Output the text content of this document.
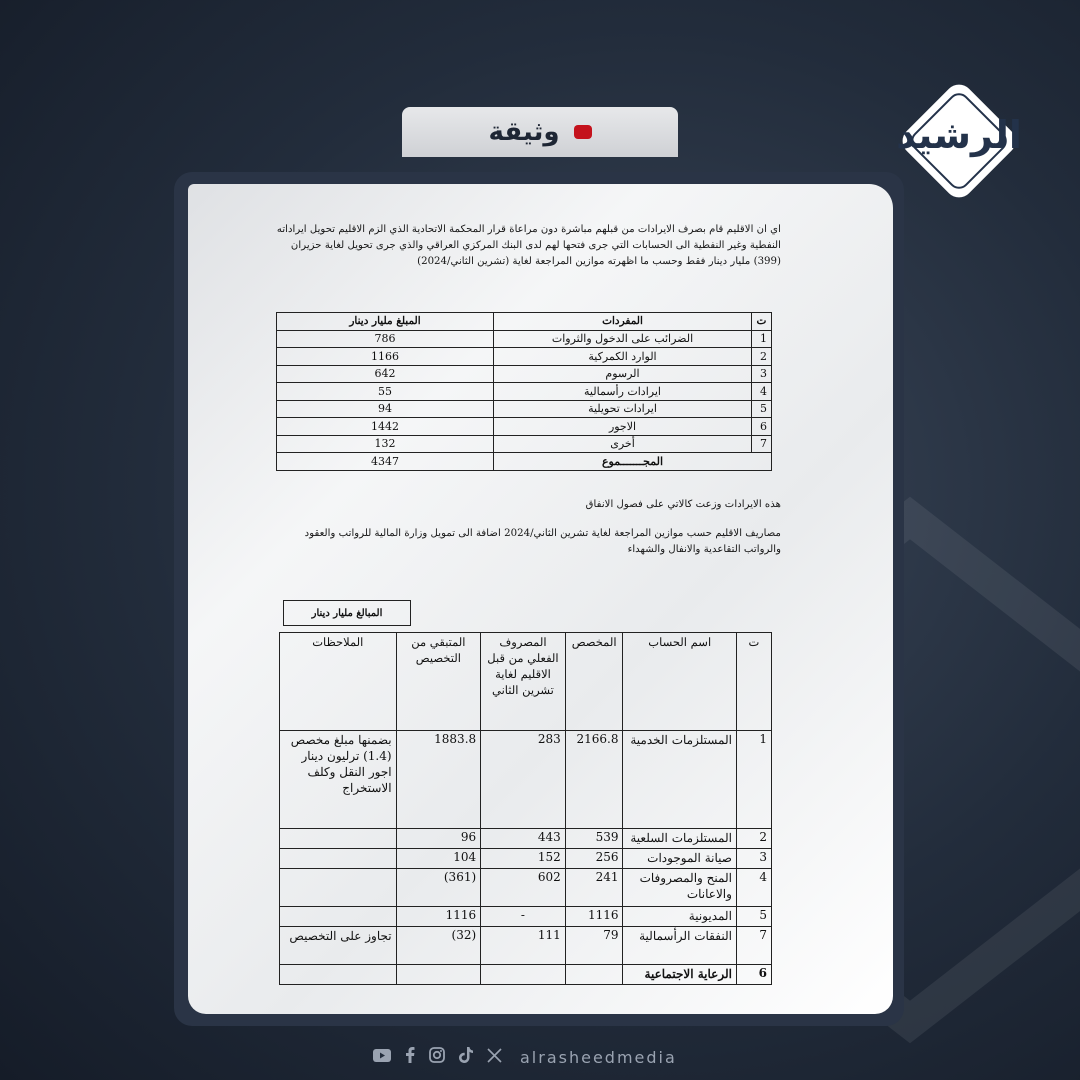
وثيقة	الرشيد

اي ان الاقليم قام بصرف الايرادات من قبلهم مباشرة دون مراعاة قرار المحكمة الاتحادية الذي الزم الاقليم تحويل ايراداته النفطية وغير النفطية الى الحسابات التي جرى فتحها لهم لدى البنك المركزي العراقي والذي جرى تحويل لغاية حزيران (399) مليار دينار فقط وحسب ما اظهرته موازين المراجعة لغاية (تشرين الثاني/2024)

ت	المفردات	المبلغ مليار دينار
1	الضرائب على الدخول والثروات	786
2	الوارد الكمركية	1166
3	الرسوم	642
4	ايرادات رأسمالية	55
5	ايرادات تحويلية	94
6	الاجور	1442
7	أخرى	132
المجـــــــموع		4347

هذه الايرادات وزعت كالاتي على فصول الانفاق

مصاريف الاقليم حسب موازين المراجعة لغاية تشرين الثاني/2024 اضافة الى تمويل وزارة المالية للرواتب والعقود والرواتب التقاعدية والانفال والشهداء

المبالغ مليار دينار
ت	اسم الحساب	المخصص	المصروف الفعلي من قبل الاقليم لغاية تشرين الثاني	المتبقي من التخصيص	الملاحظات
1	المستلزمات الخدمية	2166.8	283	1883.8	بضمنها مبلغ مخصص (1.4) ترليون دينار اجور النقل وكلف الاستخراج
2	المستلزمات السلعية	539	443	96	
3	صيانة الموجودات	256	152	104	
4	المنح والمصروفات والاعانات	241	602	(361)	
5	المديونية	1116	-	1116	
7	النفقات الرأسمالية	79	111	(32)	تجاوز على التخصيص
6	الرعاية الاجتماعية				
alrasheedmedia
